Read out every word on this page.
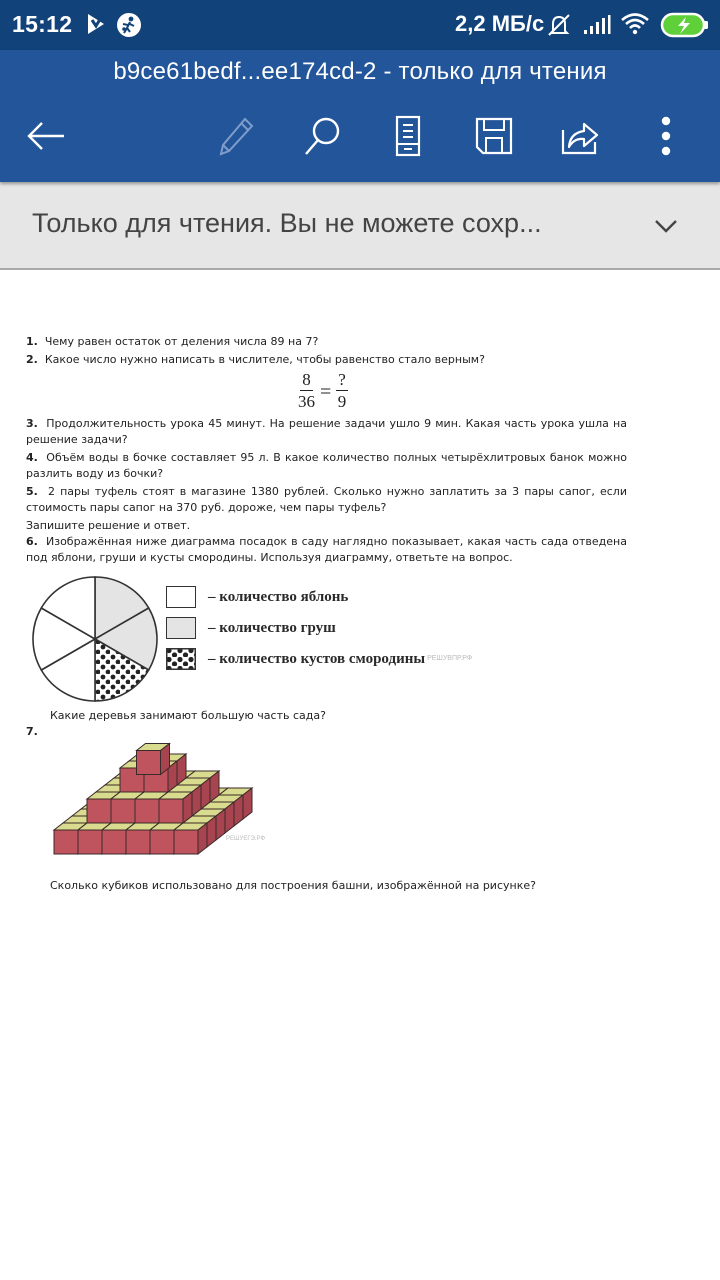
15:12	2,2 МБ/с
b9ce61bedf...ee174cd-2 - только для чтения
Только для чтения. Вы не можете сохр...
1. Чему равен остаток от деления числа 89 на 7?
2. Какое число нужно написать в числителе, чтобы равенство стало верным?
$\frac{8}{36} = \frac{?}{9}$
3. Продолжительность урока 45 минут. На решение задачи ушло 9 мин. Какая часть урока ушла на решение задачи?
4. Объём воды в бочке составляет 95 л. В какое количество полных четырёхлитровых банок можно разлить воду из бочки?
5. 2 пары туфель стоят в магазине 1380 рублей. Сколько нужно заплатить за 3 пары сапог, если стоимость пары сапог на 370 руб. дороже, чем пары туфель?
Запишите решение и ответ.
6. Изображённая ниже диаграмма посадок в саду наглядно показывает, какая часть сада отведена под яблони, груши и кусты смородины. Используя диаграмму, ответьте на вопрос.
– количество яблонь
– количество груш
– количество кустов смородины РЕШУВПР.РФ
Какие деревья занимают большую часть сада?
7.
РЕШУЕГЭ.РФ
Сколько кубиков использовано для построения башни, изображённой на рисунке?
